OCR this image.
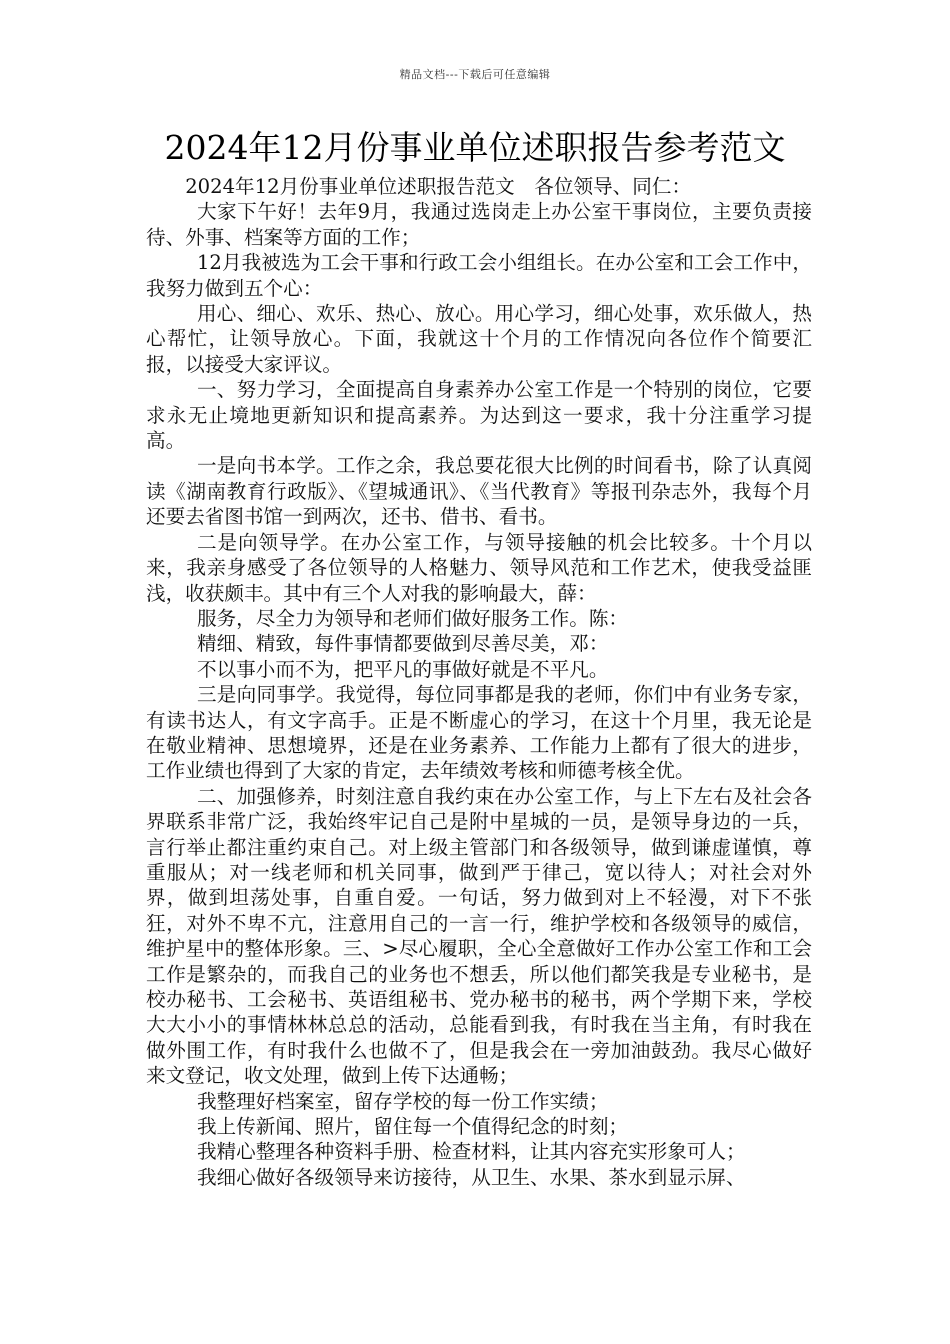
精品文档---下载后可任意编辑
2024年12月份事业单位述职报告参考范文

2024年12月份事业单位述职报告范文　各位领导、同仁：

大家下午好！去年9月，我通过选岗走上办公室干事岗位，主要负责接待、外事、档案等方面的工作；

12月我被选为工会干事和行政工会小组组长。在办公室和工会工作中，我努力做到五个心：

用心、细心、欢乐、热心、放心。用心学习，细心处事，欢乐做人，热心帮忙，让领导放心。下面，我就这十个月的工作情况向各位作个简要汇报，以接受大家评议。

一、努力学习，全面提高自身素养办公室工作是一个特别的岗位，它要求永无止境地更新知识和提高素养。为达到这一要求，我十分注重学习提高。

一是向书本学。工作之余，我总要花很大比例的时间看书，除了认真阅读《湖南教育行政版》、《望城通讯》、《当代教育》等报刊杂志外，我每个月还要去省图书馆一到两次，还书、借书、看书。

二是向领导学。在办公室工作，与领导接触的机会比较多。十个月以来，我亲身感受了各位领导的人格魅力、领导风范和工作艺术，使我受益匪浅，收获颇丰。其中有三个人对我的影响最大，薛：

服务，尽全力为领导和老师们做好服务工作。陈：

精细、精致，每件事情都要做到尽善尽美，邓：

不以事小而不为，把平凡的事做好就是不平凡。

三是向同事学。我觉得，每位同事都是我的老师，你们中有业务专家，有读书达人，有文字高手。正是不断虚心的学习，在这十个月里，我无论是在敬业精神、思想境界，还是在业务素养、工作能力上都有了很大的进步，工作业绩也得到了大家的肯定，去年绩效考核和师德考核全优。

二、加强修养，时刻注意自我约束在办公室工作，与上下左右及社会各界联系非常广泛，我始终牢记自己是附中星城的一员，是领导身边的一兵，言行举止都注重约束自己。对上级主管部门和各级领导，做到谦虚谨慎，尊重服从；对一线老师和机关同事，做到严于律己，宽以待人；对社会对外界，做到坦荡处事，自重自爱。一句话，努力做到对上不轻漫，对下不张狂，对外不卑不亢，注意用自己的一言一行，维护学校和各级领导的威信，维护星中的整体形象。三、>尽心履职，全心全意做好工作办公室工作和工会工作是繁杂的，而我自己的业务也不想丢，所以他们都笑我是专业秘书，是校办秘书、工会秘书、英语组秘书、党办秘书的秘书，两个学期下来，学校大大小小的事情林林总总的活动，总能看到我，有时我在当主角，有时我在做外围工作，有时我什么也做不了，但是我会在一旁加油鼓劲。我尽心做好来文登记，收文处理，做到上传下达通畅；

我整理好档案室，留存学校的每一份工作实绩；

我上传新闻、照片，留住每一个值得纪念的时刻；

我精心整理各种资料手册、检查材料，让其内容充实形象可人；

我细心做好各级领导来访接待，从卫生、水果、茶水到显示屏、
